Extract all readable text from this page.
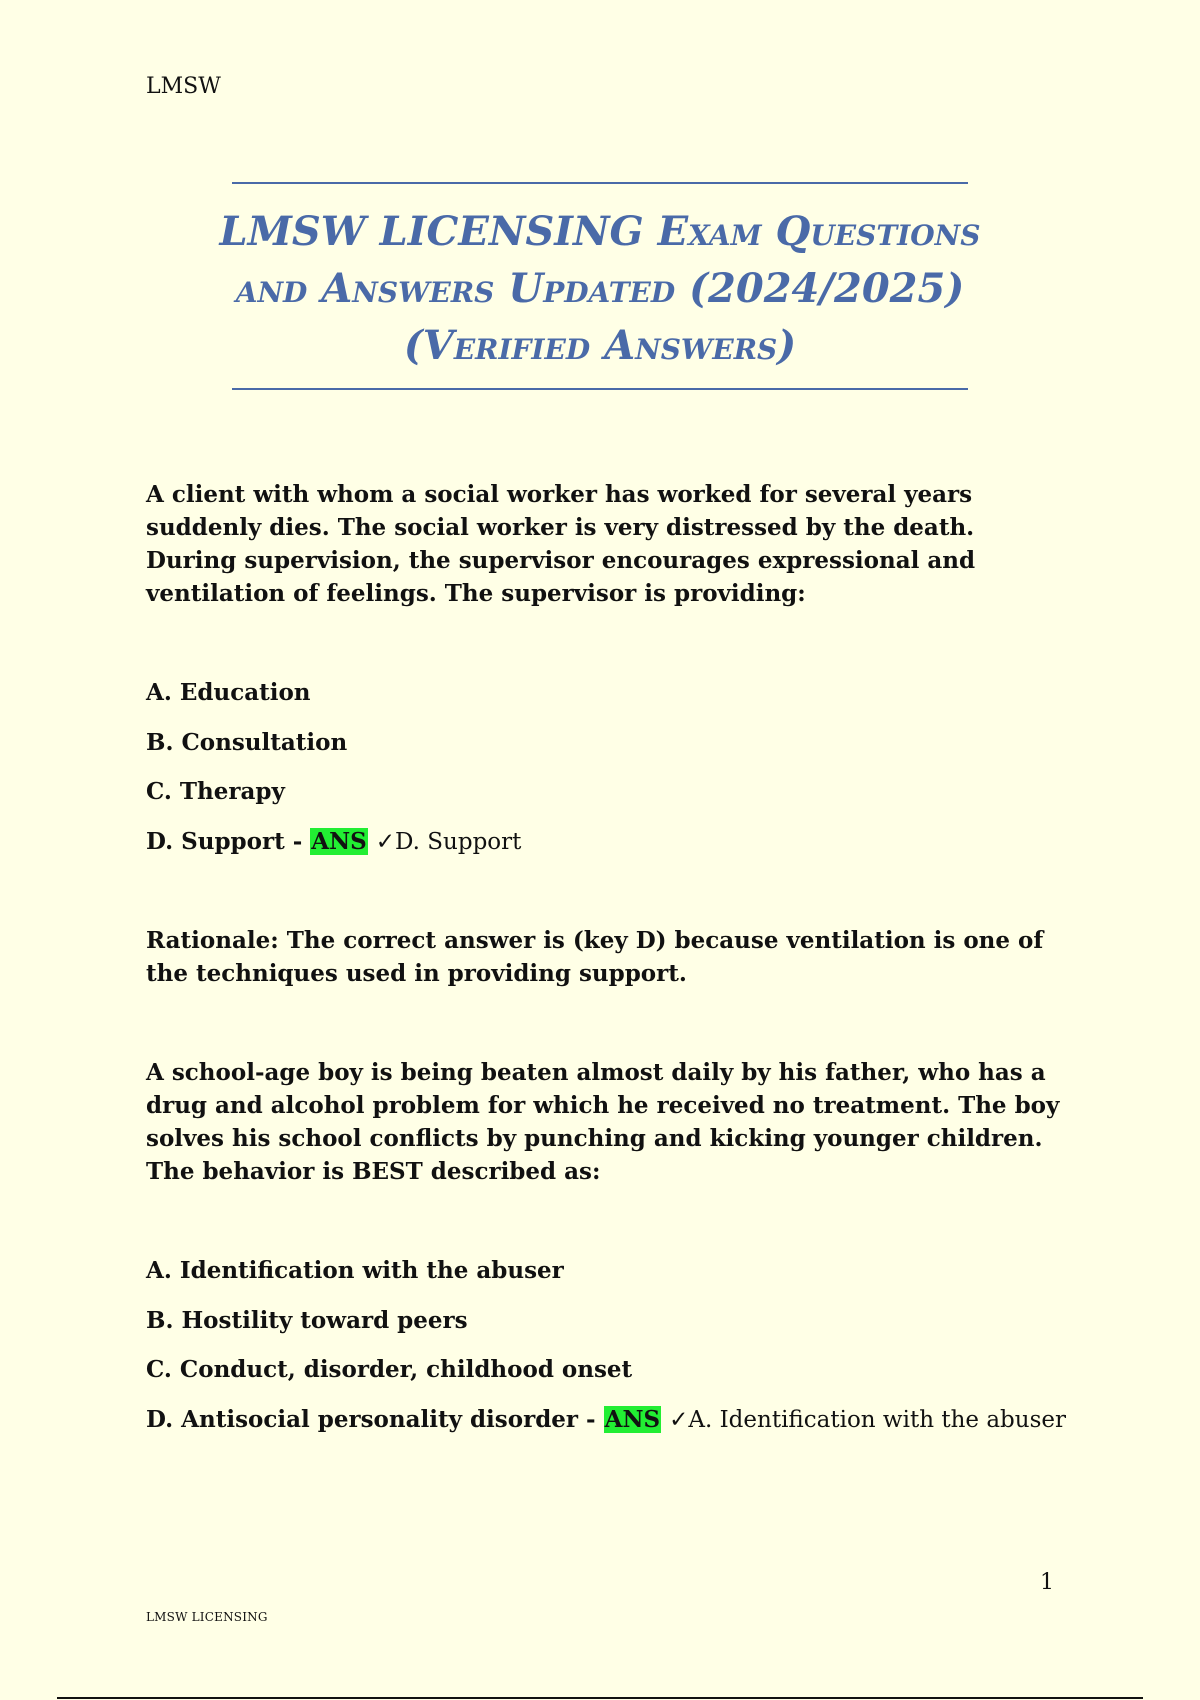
LMSW
LMSW LICENSING Exam Questions
and Answers Updated (2024/2025)
(Verified Answers)
A client with whom a social worker has worked for several years suddenly dies. The social worker is very distressed by the death. During supervision, the supervisor encourages expressional and ventilation of feelings. The supervisor is providing:
A. Education
B. Consultation
C. Therapy
D. Support - ANS ✓D. Support
Rationale: The correct answer is (key D) because ventilation is one of the techniques used in providing support.
A school-age boy is being beaten almost daily by his father, who has a drug and alcohol problem for which he received no treatment. The boy solves his school conflicts by punching and kicking younger children. The behavior is BEST described as:
A. Identification with the abuser
B. Hostility toward peers
C. Conduct, disorder, childhood onset
D. Antisocial personality disorder - ANS ✓A. Identification with the abuser
1
LMSW LICENSING
